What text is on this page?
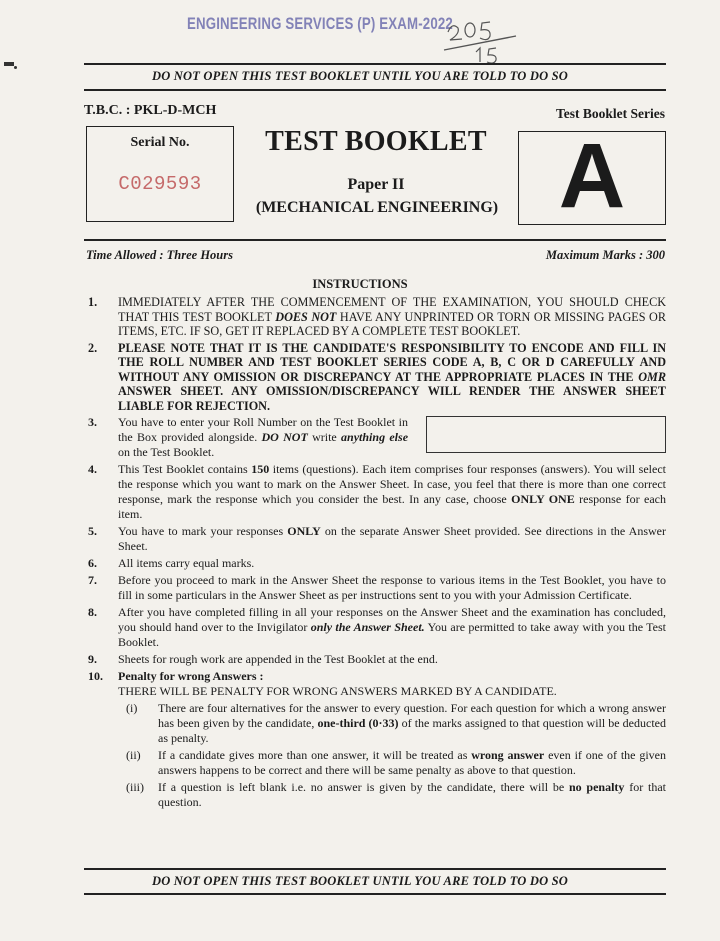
ENGINEERING SERVICES (P) EXAM-2022
DO NOT OPEN THIS TEST BOOKLET UNTIL YOU ARE TOLD TO DO SO
T.B.C. : PKL-D-MCH	Test Booklet Series
Serial No.
C029593
TEST BOOKLET
Paper II
(MECHANICAL ENGINEERING) A
Time Allowed : Three Hours	Maximum Marks : 300
INSTRUCTIONS
1.	IMMEDIATELY AFTER THE COMMENCEMENT OF THE EXAMINATION, YOU SHOULD CHECK THAT THIS TEST BOOKLET DOES NOT HAVE ANY UNPRINTED OR TORN OR MISSING PAGES OR ITEMS, ETC. IF SO, GET IT REPLACED BY A COMPLETE TEST BOOKLET.
2.	PLEASE NOTE THAT IT IS THE CANDIDATE'S RESPONSIBILITY TO ENCODE AND FILL IN THE ROLL NUMBER AND TEST BOOKLET SERIES CODE A, B, C OR D CAREFULLY AND WITHOUT ANY OMISSION OR DISCREPANCY AT THE APPROPRIATE PLACES IN THE OMR ANSWER SHEET. ANY OMISSION/DISCREPANCY WILL RENDER THE ANSWER SHEET LIABLE FOR REJECTION.
3.	You have to enter your Roll Number on the Test Booklet in the Box provided alongside. DO NOT write anything else on the Test Booklet.
4.	This Test Booklet contains 150 items (questions). Each item comprises four responses (answers). You will select the response which you want to mark on the Answer Sheet. In case, you feel that there is more than one correct response, mark the response which you consider the best. In any case, choose ONLY ONE response for each item.
5.	You have to mark your responses ONLY on the separate Answer Sheet provided. See directions in the Answer Sheet.
6.	All items carry equal marks.
7.	Before you proceed to mark in the Answer Sheet the response to various items in the Test Booklet, you have to fill in some particulars in the Answer Sheet as per instructions sent to you with your Admission Certificate.
8.	After you have completed filling in all your responses on the Answer Sheet and the examination has concluded, you should hand over to the Invigilator only the Answer Sheet. You are permitted to take away with you the Test Booklet.
9.	Sheets for rough work are appended in the Test Booklet at the end.
10.	Penalty for wrong Answers :
THERE WILL BE PENALTY FOR WRONG ANSWERS MARKED BY A CANDIDATE.
(i) There are four alternatives for the answer to every question. For each question for which a wrong answer has been given by the candidate, one-third (0·33) of the marks assigned to that question will be deducted as penalty.
(ii) If a candidate gives more than one answer, it will be treated as wrong answer even if one of the given answers happens to be correct and there will be same penalty as above to that question.
(iii) If a question is left blank i.e. no answer is given by the candidate, there will be no penalty for that question.
DO NOT OPEN THIS TEST BOOKLET UNTIL YOU ARE TOLD TO DO SO
